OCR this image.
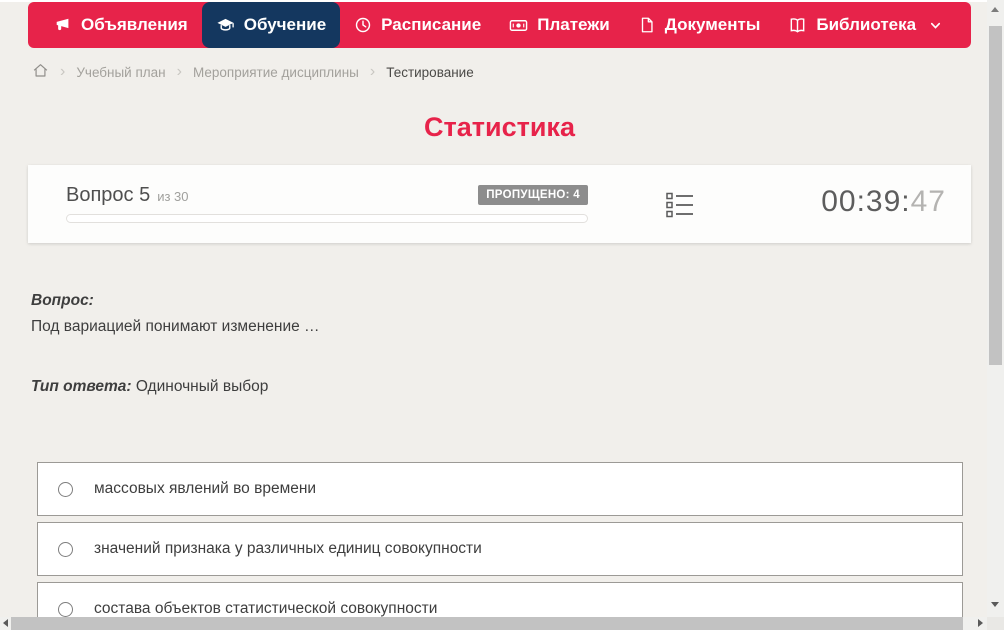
Объявления	Обучение	Расписание	Платежи	Документы	Библиотека
› Учебный план › Мероприятие дисциплины › Тестирование
Статистика
Вопрос 5 из 30	ПРОПУЩЕНО: 4	00:39:47
Вопрос:
Под вариацией понимают изменение …
Тип ответа: Одиночный выбор
массовых явлений во времени
значений признака у различных единиц совокупности
состава объектов статистической совокупности
